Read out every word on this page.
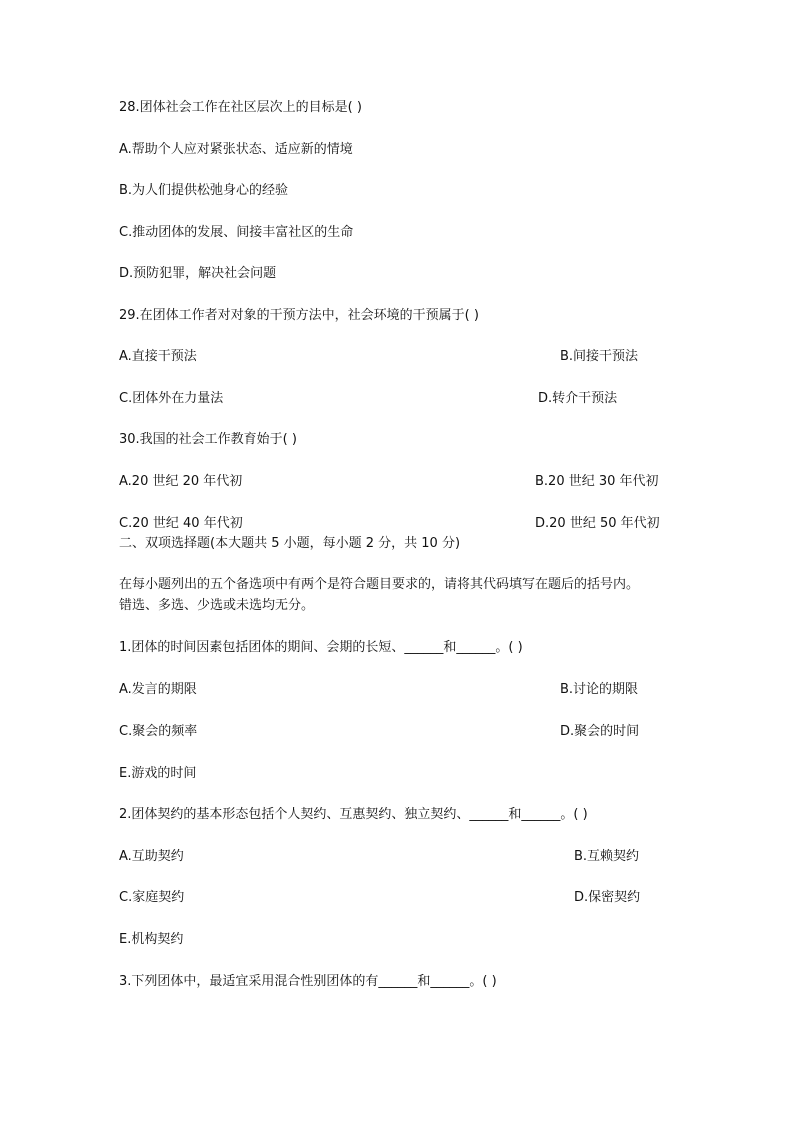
28.团体社会工作在社区层次上的目标是( )
A.帮助个人应对紧张状态、适应新的情境
B.为人们提供松弛身心的经验
C.推动团体的发展、间接丰富社区的生命
D.预防犯罪，解决社会问题
29.在团体工作者对对象的干预方法中，社会环境的干预属于( )
A.直接干预法	B.间接干预法
C.团体外在力量法	D.转介干预法
30.我国的社会工作教育始于( )
A.20 世纪 20 年代初	B.20 世纪 30 年代初
C.20 世纪 40 年代初	D.20 世纪 50 年代初
二、双项选择题(本大题共 5 小题，每小题 2 分，共 10 分)
在每小题列出的五个备选项中有两个是符合题目要求的，请将其代码填写在题后的括号内。
错选、多选、少选或未选均无分。
1.团体的时间因素包括团体的期间、会期的长短、______和______。( )
A.发言的期限	B.讨论的期限
C.聚会的频率	D.聚会的时间
E.游戏的时间
2.团体契约的基本形态包括个人契约、互惠契约、独立契约、______和______。( )
A.互助契约	B.互赖契约
C.家庭契约	D.保密契约
E.机构契约
3.下列团体中，最适宜采用混合性别团体的有______和______。( )
